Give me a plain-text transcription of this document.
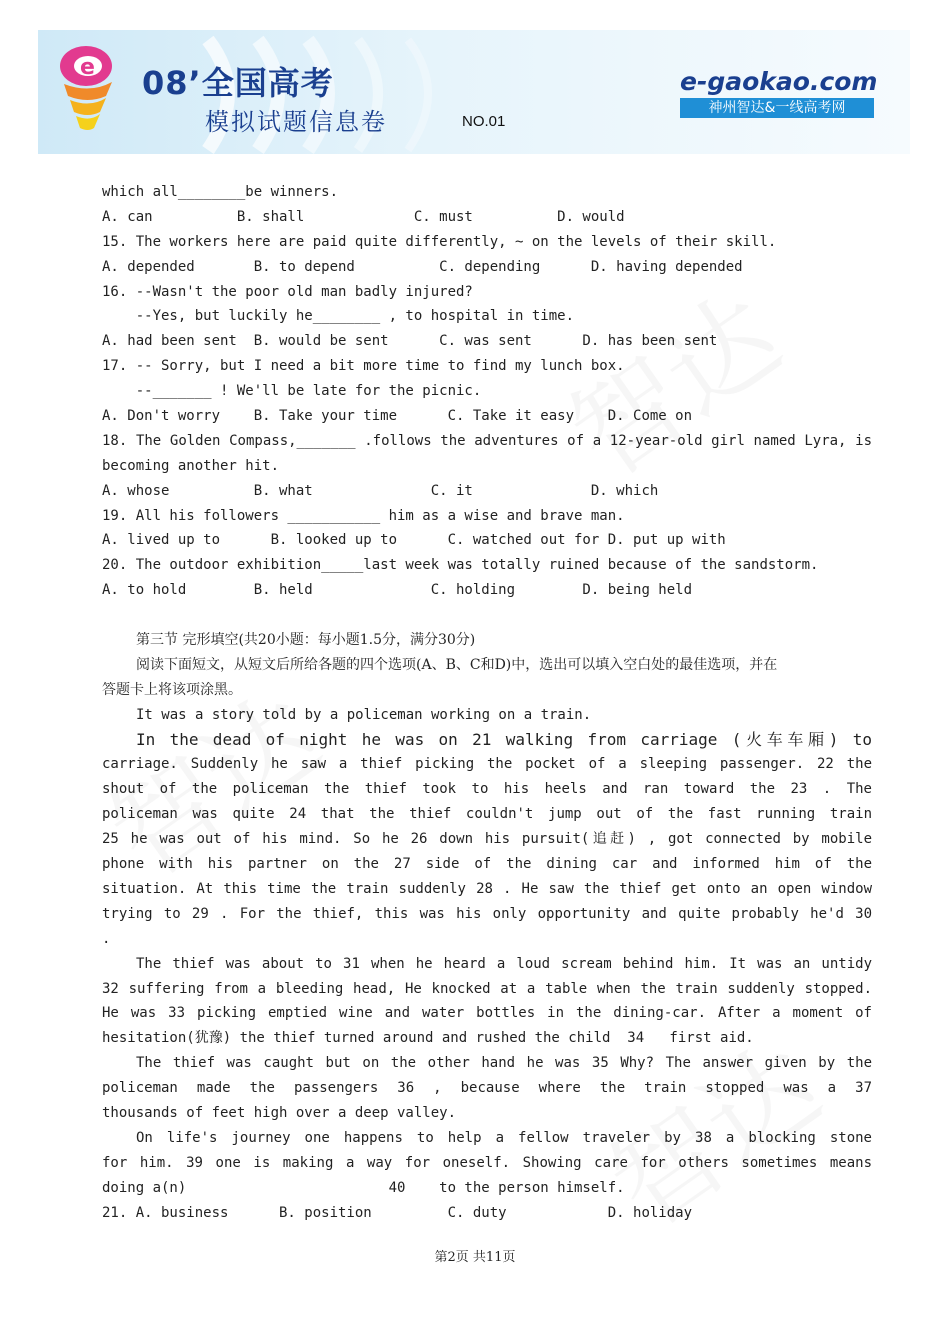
e 08’全国高考
模拟试题信息卷	NO.01
e-gaokao.com
神州智达&一线高考网
which all________be winners.
A. can          B. shall             C. must          D. would
15. The workers here are paid quite differently, ~ on the levels of their skill.
A. depended       B. to depend          C. depending      D. having depended
16. --Wasn't the poor old man badly injured?
--Yes, but luckily he________ , to hospital in time.
A. had been sent  B. would be sent      C. was sent      D. has been sent
17. -- Sorry, but I need a bit more time to find my lunch box.
--_______ ! We'll be late for the picnic.
A. Don't worry    B. Take your time      C. Take it easy    D. Come on
18. The Golden Compass,_______ .follows the adventures of a 12-year-old girl named Lyra, is
becoming another hit.
A. whose          B. what              C. it              D. which
19. All his followers ___________ him as a wise and brave man.
A. lived up to      B. looked up to      C. watched out for D. put up with
20. The outdoor exhibition_____last week was totally ruined because of the sandstorm.
A. to hold        B. held              C. holding        D. being held
第三节 完形填空(共20小题：每小题1.5分，满分30分)
阅读下面短文，从短文后所给各题的四个选项(A、B、C和D)中，选出可以填入空白处的最佳选项，并在
答题卡上将该项涂黑。
It was a story told by a policeman working on a train.
In the dead of night he was on 21 walking from carriage (火车车厢) to
carriage. Suddenly he saw a thief picking the pocket of a sleeping passenger. 22 the
shout of the policeman the thief took to his heels and ran toward the 23 . The
policeman was quite 24 that the thief couldn't jump out of the fast running train
25 he was out of his mind. So he 26 down his pursuit(追赶) , got connected by mobile
phone with his partner on the 27 side of the dining car and informed him of the
situation. At this time the train suddenly 28 . He saw the thief get onto an open window
trying to 29 . For the thief, this was his only opportunity and quite probably he'd 30
.
The thief was about to 31 when he heard a loud scream behind him. It was an untidy
32 suffering from a bleeding head, He knocked at a table when the train suddenly stopped.
He was 33 picking emptied wine and water bottles in the dining-car. After a moment of
hesitation(犹豫) the thief turned around and rushed the child  34   first aid.
The thief was caught but on the other hand he was 35 Why? The answer given by the
policeman made the passengers 36 , because where the train stopped was a 37
thousands of feet high over a deep valley.
On life's journey one happens to help a fellow traveler by 38 a blocking stone
for him. 39 one is making a way for oneself. Showing care for others sometimes means
doing a(n)                        40    to the person himself.
21. A. business      B. position         C. duty            D. holiday
第2页 共11页
